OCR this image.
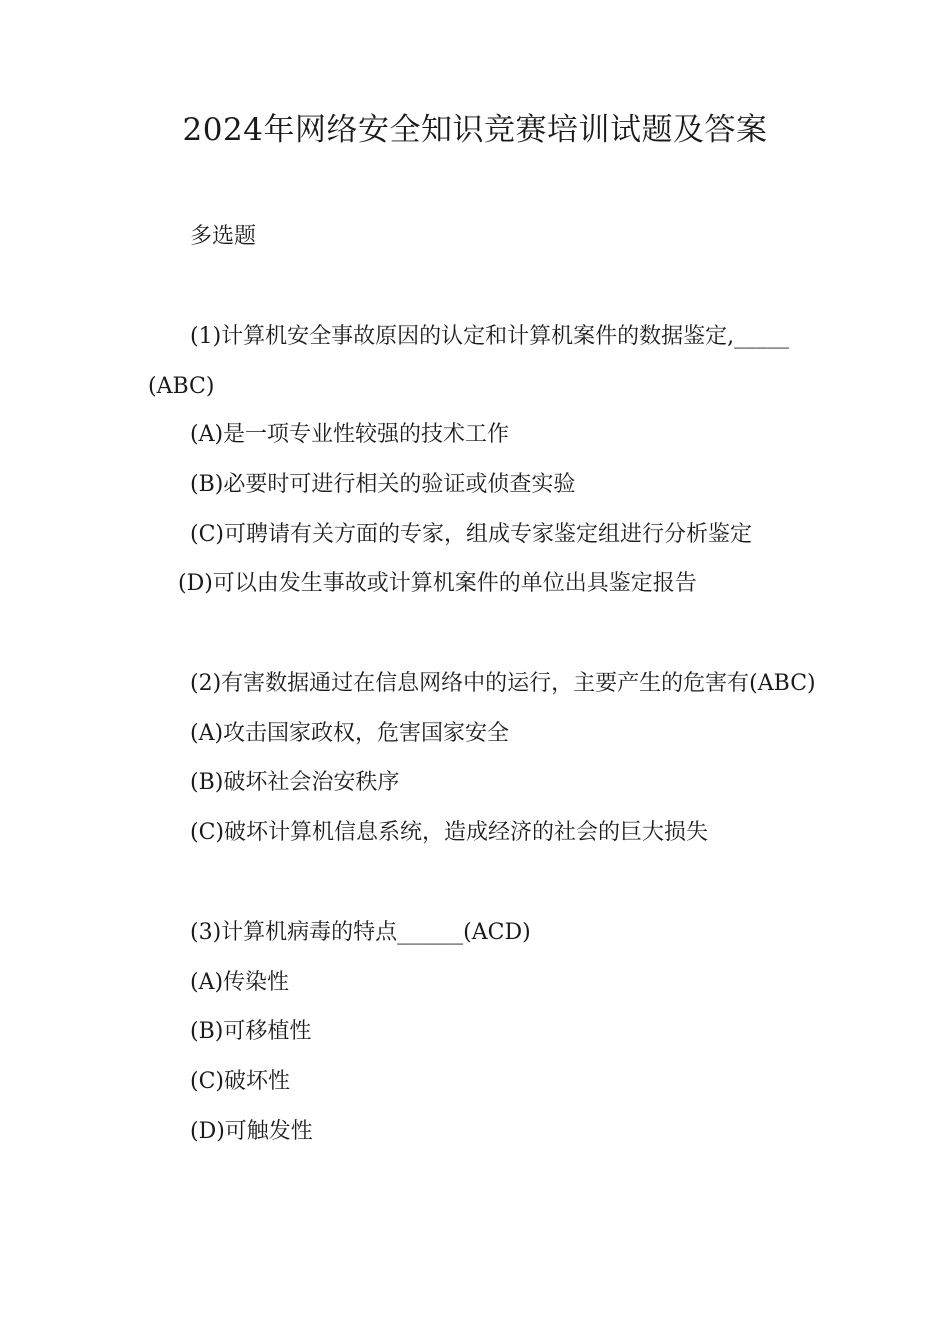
2024年网络安全知识竞赛培训试题及答案
多选题
(1)计算机安全事故原因的认定和计算机案件的数据鉴定,_____
(ABC)
(A)是一项专业性较强的技术工作
(B)必要时可进行相关的验证或侦查实验
(C)可聘请有关方面的专家，组成专家鉴定组进行分析鉴定
(D)可以由发生事故或计算机案件的单位出具鉴定报告
(2)有害数据通过在信息网络中的运行，主要产生的危害有(ABC)
(A)攻击国家政权，危害国家安全
(B)破坏社会治安秩序
(C)破坏计算机信息系统，造成经济的社会的巨大损失
(3)计算机病毒的特点______(ACD)
(A)传染性
(B)可移植性
(C)破坏性
(D)可触发性
